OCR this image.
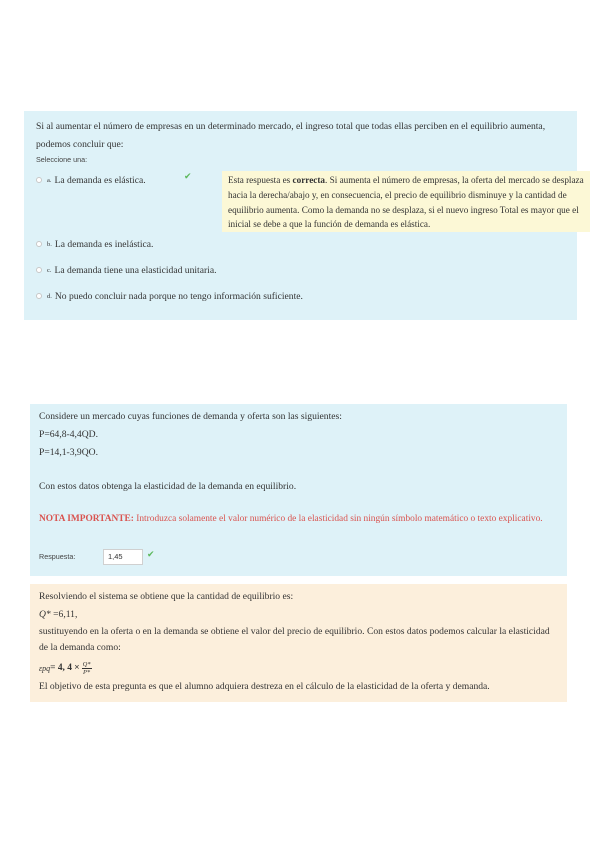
Si al aumentar el número de empresas en un determinado mercado, el ingreso total que todas ellas perciben en el equilibrio aumenta, podemos concluir que:
Seleccione una:
a. La demanda es elástica.	✔	Esta respuesta es correcta. Si aumenta el número de empresas, la oferta del mercado se desplaza hacia la derecha/abajo y, en consecuencia, el precio de equilibrio disminuye y la cantidad de equilibrio aumenta. Como la demanda no se desplaza, si el nuevo ingreso Total es mayor que el inicial se debe a que la función de demanda es elástica.
b. La demanda es inelástica.
c. La demanda tiene una elasticidad unitaria.
d. No puedo concluir nada porque no tengo información suficiente.
Considere un mercado cuyas funciones de demanda y oferta son las siguientes:
P=64,8-4,4QD.
P=14,1-3,9QO.
Con estos datos obtenga la elasticidad de la demanda en equilibrio.
NOTA IMPORTANTE: Introduzca solamente el valor numérico de la elasticidad sin ningún símbolo matemático o texto explicativo.
Respuesta:	1,45	✔
Resolviendo el sistema se obtiene que la cantidad de equilibrio es:
Q* =6,11,
sustituyendo en la oferta o en la demanda se obtiene el valor del precio de equilibrio. Con estos datos podemos calcular la elasticidad de la demanda como:
εpq = 4, $4 \times \frac{Q*}{P*}$
El objetivo de esta pregunta es que el alumno adquiera destreza en el cálculo de la elasticidad de la oferta y demanda.
